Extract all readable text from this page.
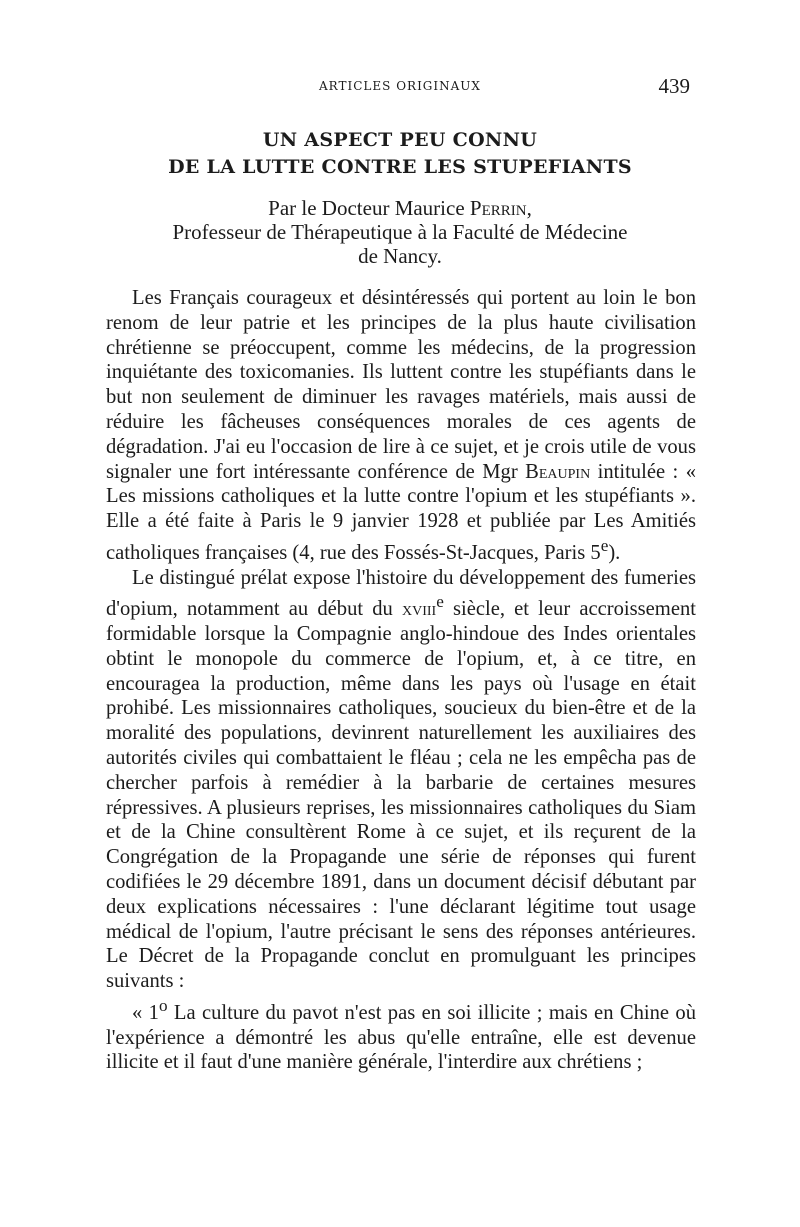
ARTICLES ORIGINAUX	439
UN ASPECT PEU CONNU
DE LA LUTTE CONTRE LES STUPEFIANTS
Par le Docteur Maurice Perrin,
Professeur de Thérapeutique à la Faculté de Médecine
de Nancy.

Les Français courageux et désintéressés qui portent au loin le bon renom de leur patrie et les principes de la plus haute civilisation chrétienne se préoccupent, comme les médecins, de la progression inquiétante des toxicomanies. Ils luttent contre les stupéfiants dans le but non seulement de diminuer les ravages matériels, mais aussi de réduire les fâcheuses conséquences morales de ces agents de dégradation. J'ai eu l'occasion de lire à ce sujet, et je crois utile de vous signaler une fort intéressante conférence de Mgr Beaupin intitulée : « Les missions catholiques et la lutte contre l'opium et les stupéfiants ». Elle a été faite à Paris le 9 janvier 1928 et publiée par Les Amitiés catholiques françaises (4, rue des Fossés-St-Jacques, Paris 5e).

Le distingué prélat expose l'histoire du développement des fumeries d'opium, notamment au début du xviii$^e$ siècle, et leur accroissement formidable lorsque la Compagnie anglo-hindoue des Indes orientales obtint le monopole du commerce de l'opium, et, à ce titre, en encouragea la production, même dans les pays où l'usage en était prohibé. Les missionnaires catholiques, soucieux du bien-être et de la moralité des populations, devinrent naturellement les auxiliaires des autorités civiles qui combattaient le fléau ; cela ne les empêcha pas de chercher parfois à remédier à la barbarie de certaines mesures répressives. A plusieurs reprises, les missionnaires catholiques du Siam et de la Chine consultèrent Rome à ce sujet, et ils reçurent de la Congrégation de la Propagande une série de réponses qui furent codifiées le 29 décembre 1891, dans un document décisif débutant par deux explications nécessaires : l'une déclarant légitime tout usage médical de l'opium, l'autre précisant le sens des réponses antérieures. Le Décret de la Propagande conclut en promulguant les principes suivants :

« 1$^o$ La culture du pavot n'est pas en soi illicite ; mais en Chine où l'expérience a démontré les abus qu'elle entraîne, elle est devenue illicite et il faut d'une manière générale, l'interdire aux chrétiens ;
